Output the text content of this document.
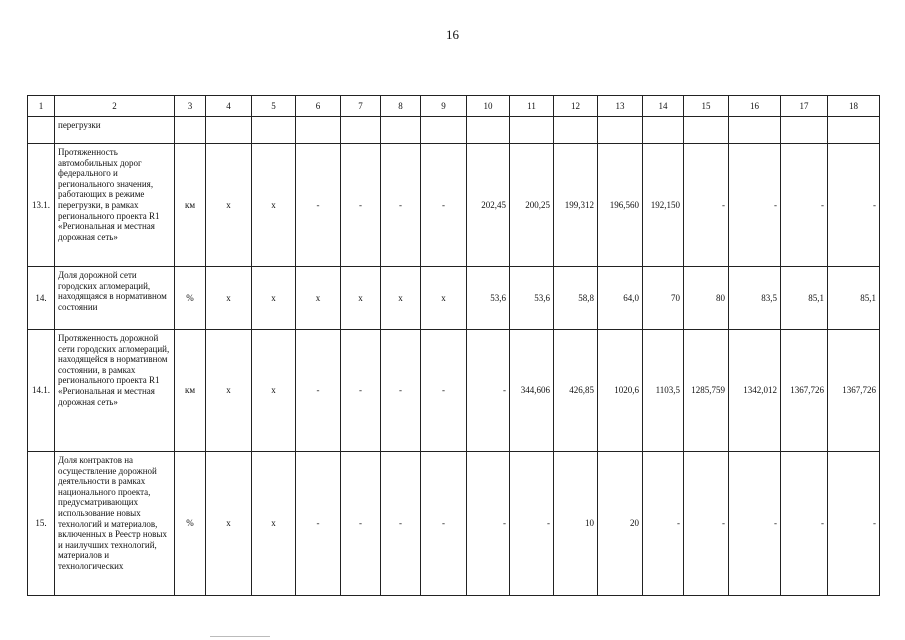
16
1	2	3	4	5	6	7	8	9	10	11	12	13	14	15	16	17	18
	перегрузки																
13.1.	Протяженность автомобильных дорог федерального и регионального значения, работающих в режиме перегрузки, в рамках регионального проекта R1 «Региональная и местная дорожная сеть»	км	х	х	-	-	-	-	202,45	200,25	199,312	196,560	192,150	-	-	-	-
14.	Доля дорожной сети городских агломераций, находящаяся в нормативном состоянии	%	х	х	х	х	х	х	53,6	53,6	58,8	64,0	70	80	83,5	85,1	85,1
14.1.	Протяженность дорожной сети городских агломераций, находящейся в нормативном состоянии, в рамках регионального проекта R1 «Региональная и местная дорожная сеть»	км	х	х	-	-	-	-	-	344,606	426,85	1020,6	1103,5	1285,759	1342,012	1367,726	1367,726
15.	Доля контрактов на осуществление дорожной деятельности в рамках национального проекта, предусматривающих использование новых технологий и материалов, включенных в Реестр новых и наилучших технологий, материалов и технологических	%	х	х	-	-	-	-	-	-	10	20	-	-	-	-	-
